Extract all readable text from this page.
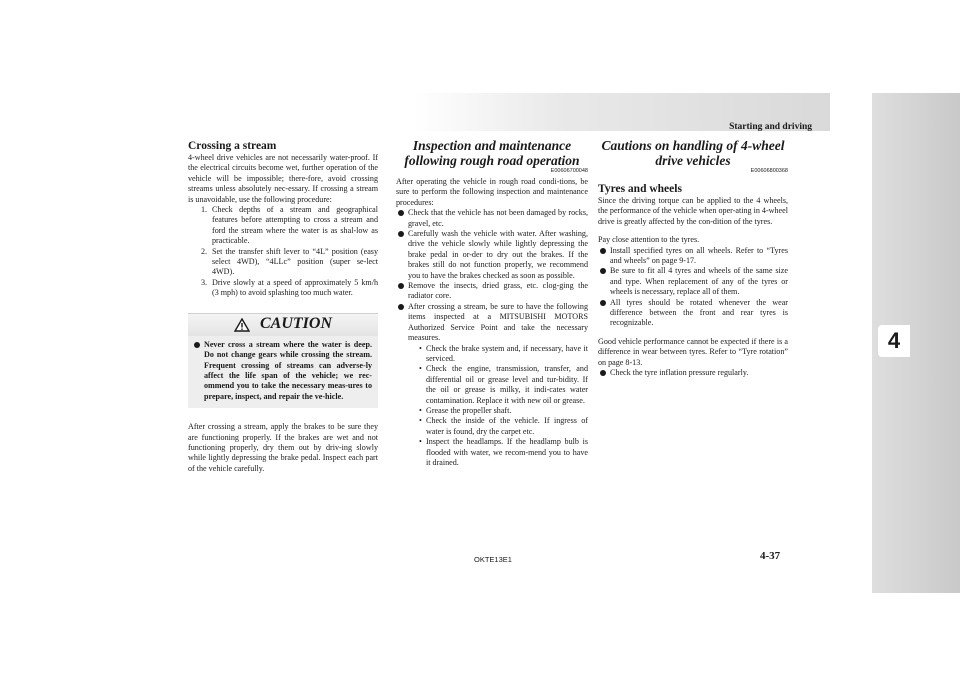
Starting and driving
4
Crossing a stream

4-wheel drive vehicles are not necessarily water-proof. If the electrical circuits become wet, further operation of the vehicle will be impossible; there-fore, avoid crossing streams unless absolutely nec-essary. If crossing a stream is unavoidable, use the following procedure:

1. Check depths of a stream and geographical features before attempting to cross a stream and ford the stream where the water is as shal-low as practicable.
2. Set the transfer shift lever to “4L” position (easy select 4WD), “4LLc” position (super se-lect 4WD).
3. Drive slowly at a speed of approximately 5 km/h (3 mph) to avoid splashing too much water.
CAUTION
Never cross a stream where the water is deep. Do not change gears while crossing the stream. Frequent crossing of streams can adverse-ly affect the life span of the vehicle; we rec-ommend you to take the necessary meas-ures to prepare, inspect, and repair the ve-hicle.

After crossing a stream, apply the brakes to be sure they are functioning properly. If the brakes are wet and not functioning properly, dry them out by driv-ing slowly while lightly depressing the brake pedal. Inspect each part of the vehicle carefully.

Inspection and maintenance following rough road operation
E00606700048

After operating the vehicle in rough road condi-tions, be sure to perform the following inspection and maintenance procedures:

Check that the vehicle has not been damaged by rocks, gravel, etc.
Carefully wash the vehicle with water. After washing, drive the vehicle slowly while lightly depressing the brake pedal in or-der to dry out the brakes. If the brakes still do not function properly, we recommend you to have the brakes checked as soon as possible.
Remove the insects, dried grass, etc. clog-ging the radiator core.
After crossing a stream, be sure to have the following items inspected at a MITSUBISHI MOTORS Authorized Service Point and take the necessary measures.
• Check the brake system and, if necessary, have it serviced.
• Check the engine, transmission, transfer, and differential oil or grease level and tur-bidity. If the oil or grease is milky, it indi-cates water contamination. Replace it with new oil or grease.
• Grease the propeller shaft.
• Check the inside of the vehicle. If ingress of water is found, dry the carpet etc.
• Inspect the headlamps. If the headlamp bulb is flooded with water, we recom-mend you to have it drained.
Cautions on handling of 4-wheel drive vehicles
E00606800368
Tyres and wheels

Since the driving torque can be applied to the 4 wheels, the performance of the vehicle when oper-ating in 4-wheel drive is greatly affected by the con-dition of the tyres.

Pay close attention to the tyres.

Install specified tyres on all wheels. Refer to “Tyres and wheels” on page 9-17.
Be sure to fit all 4 tyres and wheels of the same size and type. When replacement of any of the tyres or wheels is necessary, replace all of them.
All tyres should be rotated whenever the wear difference between the front and rear tyres is recognizable.

Good vehicle performance cannot be expected if there is a difference in wear between tyres. Refer to “Tyre rotation” on page 8-13.

Check the tyre inflation pressure regularly.
OKTE13E1	4-37
